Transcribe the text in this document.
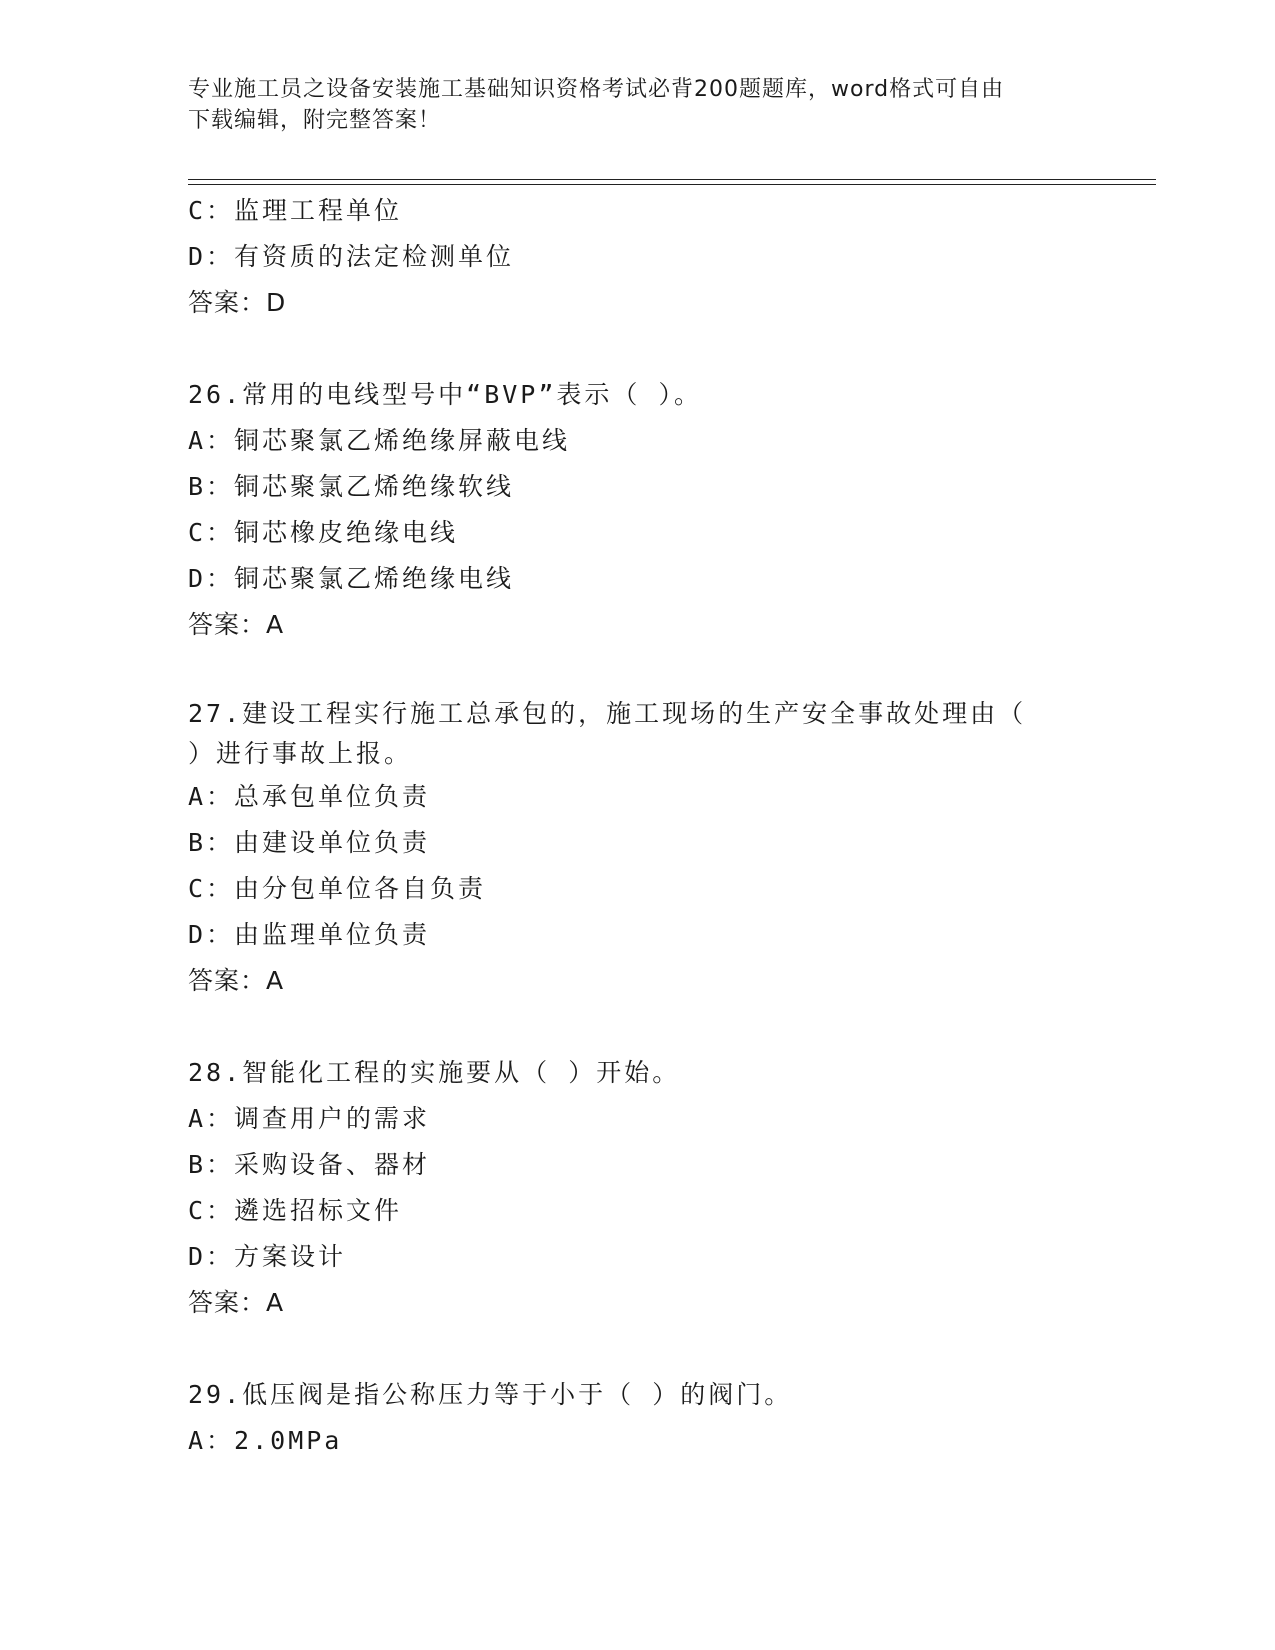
专业施工员之设备安装施工基础知识资格考试必背200题题库，word格式可自由
下载编辑，附完整答案！
C：监理工程单位
D：有资质的法定检测单位
答案：D
26.常用的电线型号中“BVP”表示（ ）。
A：铜芯聚氯乙烯绝缘屏蔽电线
B：铜芯聚氯乙烯绝缘软线
C：铜芯橡皮绝缘电线
D：铜芯聚氯乙烯绝缘电线
答案：A
27.建设工程实行施工总承包的，施工现场的生产安全事故处理由（
）进行事故上报。
A：总承包单位负责
B：由建设单位负责
C：由分包单位各自负责
D：由监理单位负责
答案：A
28.智能化工程的实施要从（ ）开始。
A：调查用户的需求
B：采购设备、器材
C：遴选招标文件
D：方案设计
答案：A
29.低压阀是指公称压力等于小于（ ）的阀门。
A：2.0MPa
